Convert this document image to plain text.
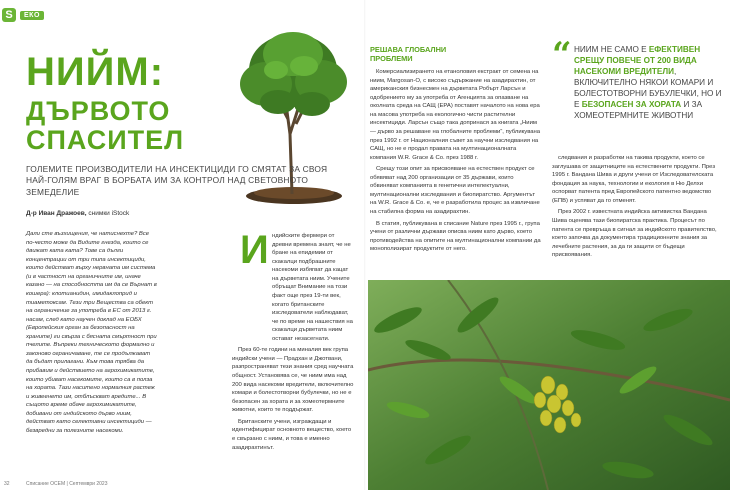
S	ЕКО
НИЙМ:
ДЪРВОТО
СПАСИТЕЛ
ГОЛЕМИТЕ ПРОИЗВОДИТЕЛИ НА ИНСЕКТИЦИДИ ГО СМЯТАТ ЗА СВОЯ НАЙ-ГОЛЯМ ВРАГ В БОРБАТА ИМ ЗА КОНТРОЛ НАД СВЕТОВНОТО ЗЕМЕДЕЛИЕ
Д-р Иван Дражоев, снимки iStock
Дали сте възхищения, че натиснехте? Все по-често може да Видите гнезда, които се движат ката ката? Тове са дълги концентрации от три типа инсектициди, които действат върху нервната им система (и в частност на органичните им, иначе казано — на способността им да се Върнат в кошера): клотианидин, имидаклоприд и тиаметоксам. Тези три Вещества са обект на ограничение за употреба в ЕС от 2013 г. насам, след като научен доклад на ЕОБХ (Европейския орган за безопасност на храните) ги свърза с бясната смъртност при пчелите. Въпреки техническото формално и законово ограничаване, те се продължават да бъдат прилагани. Към това трябва да прибавим и действието на агрохимикатите, които убиват насекомите, които са в полза на хората. Тази наситено нормалния растеж и живеенето им, отблъскват вредите... В същото време обаче агрохимикатите, добивани от индийското дърво ниим, действат като селективни инсектициди — безвредни за полезните насекоми.
И ндийските фермери от древни времена знаят, че не бране на епидемии от скакалци подбрашните насекоми избягват да кацат на дърветата ниим. Учените обръщат Внимание на този факт още през 19-ти век, когато британските изследователи наблюдават, че по време на нашествия на скакалци дърветата ниим остават незасегнати.

През 60-те години на миналия век група индийски учени — Прадхан и Джотвани, разпространяват тези знания сред научната общност. Установява се, че ниим има над 200 вида насекоми вредители, включително комари и болестотворни бубулечки, но не е безопасен за хората и за хомеотермните животни, които те поддържат.

Британските учени, изграждащи и идентифицират основното вещество, което е свързано с ниим, и това е именно азадирахтинът.

РЕШАВА ГЛОБАЛНИ ПРОБЛЕМИ

Комерсиализирането на етаноловия екстракт от семена на ниим, Margosan-O, с високо съдържание на азадирахтин, от американския бизнесмен на дърветата Робърт Ларсън и одобрението му за употреба от Агенцията за опазване на околната среда на САЩ (EPA) поставят началото на нова ера на масова употреба на екологично чисти растителни инсектициди. Ларсън също така допринася за книгата „Ниим — дърво за решаване на глобалните проблеми“, публикувана през 1992 г. от Националния съвет за научни изследвания на САЩ, но не е продал правата на мултинационалната компания W.R. Grace & Co. през 1988 г.

Срещу този опит за присвояване на естествен продукт се обявяват над 200 организации от 35 държави, които обвиняват компанията в генетични интелектуални, мултинационални изследвания и биопиратство. Аргументът на W.R. Grace & Co. е, че е разработила процес за извличане на стабилна форма на азадирахтин.

В статия, публикувана в списание Nature през 1995 г., група учени от различни държави описва ниим като дърво, което противодейства на опитите на мултинационални компании да монополизират продуктите от него.

“ НИИМ НЕ САМО Е ЕФЕКТИВЕН СРЕЩУ ПОВЕЧЕ ОТ 200 ВИДА НАСЕКОМИ ВРЕДИТЕЛИ, ВКЛЮЧИТЕЛНО НЯКОИ КОМАРИ И БОЛЕСТОТВОРНИ БУБУЛЕЧКИ, НО И Е БЕЗОПАСЕН ЗА ХОРАТА И ЗА ХОМЕОТЕРМНИТЕ ЖИВОТНИ

следвания и разработки на такива продукти, което се заглушава от защитниците на естествените продукти. През 1995 г. Вандана Шива и други учени от Изследователската фондация за наука, технологии и екология в Ню Делхи оспорват патента пред Европейското патентно ведомство (ЕПВ) и успяват да го отменят.

През 2002 г. известната индийска активистка Вандана Шива оценява тази биопиратска практика. Процесът по патента се превръща в сигнал за индийското правителство, което започва да документира традиционните знания за лечебните растения, за да ги защити от бъдещи присвоявания.

32	Списание ОСЕМ | Септември 2023
